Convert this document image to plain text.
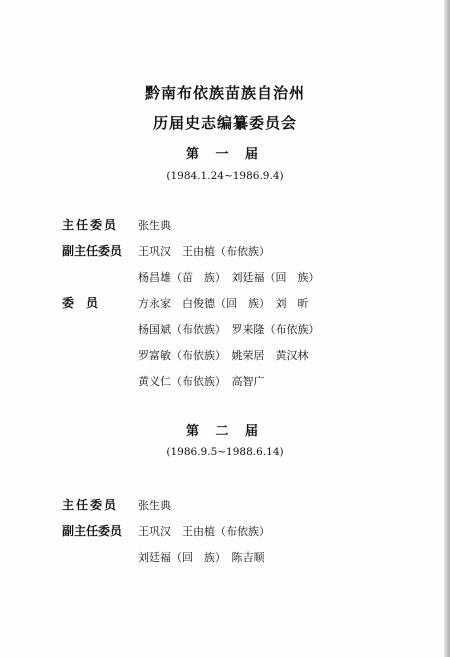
黔南布依族苗族自治州
历届史志编纂委员会
第 一 届
(1984.1.24~1986.9.4)
主任委员 张生典
副主任委员 王巩汉　王由植（布依族）
杨昌雄（苗　族）　刘廷福（回　族）
委　员	方永家　白俊德（回　族）　刘　昕
杨国斌（布依族）　罗来隆（布依族）
罗富敏（布依族）　姚荣居　黄汉林
黄义仁（布依族）　高智广
第 二 届
(1986.9.5~1988.6.14)
主任委员 张生典
副主任委员 王巩汉　王由植（布依族）
刘廷福（回　族）　陈吉顺
